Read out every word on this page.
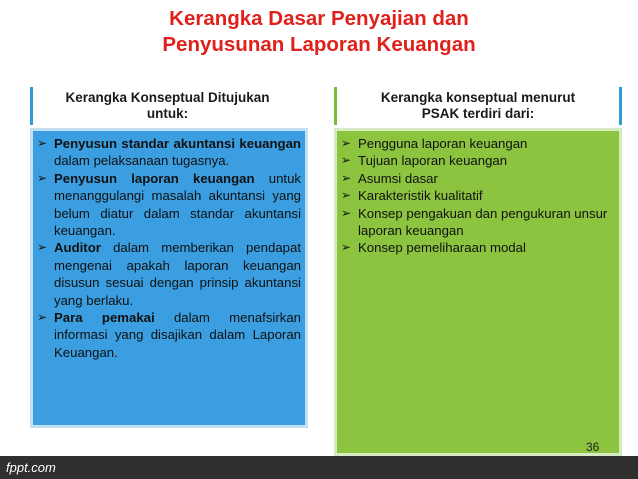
Kerangka Dasar Penyajian dan
Penyusunan Laporan Keuangan
Kerangka Konseptual Ditujukan
untuk:
Kerangka konseptual menurut
PSAK terdiri dari:
➢ Penyusun standar akuntansi keuangan dalam pelaksanaan tugasnya.
➢ Penyusun laporan keuangan untuk menanggulangi masalah akuntansi yang belum diatur dalam standar akuntansi keuangan.
➢ Auditor dalam memberikan pendapat mengenai apakah laporan keuangan disusun sesuai dengan prinsip akuntansi yang berlaku.
➢ Para pemakai dalam menafsirkan informasi yang disajikan dalam Laporan Keuangan.
➢ Pengguna laporan keuangan
➢ Tujuan laporan keuangan
➢ Asumsi dasar
➢ Karakteristik kualitatif
➢ Konsep pengakuan dan pengukuran unsur laporan keuangan
➢ Konsep pemeliharaan modal
36
fppt.com
